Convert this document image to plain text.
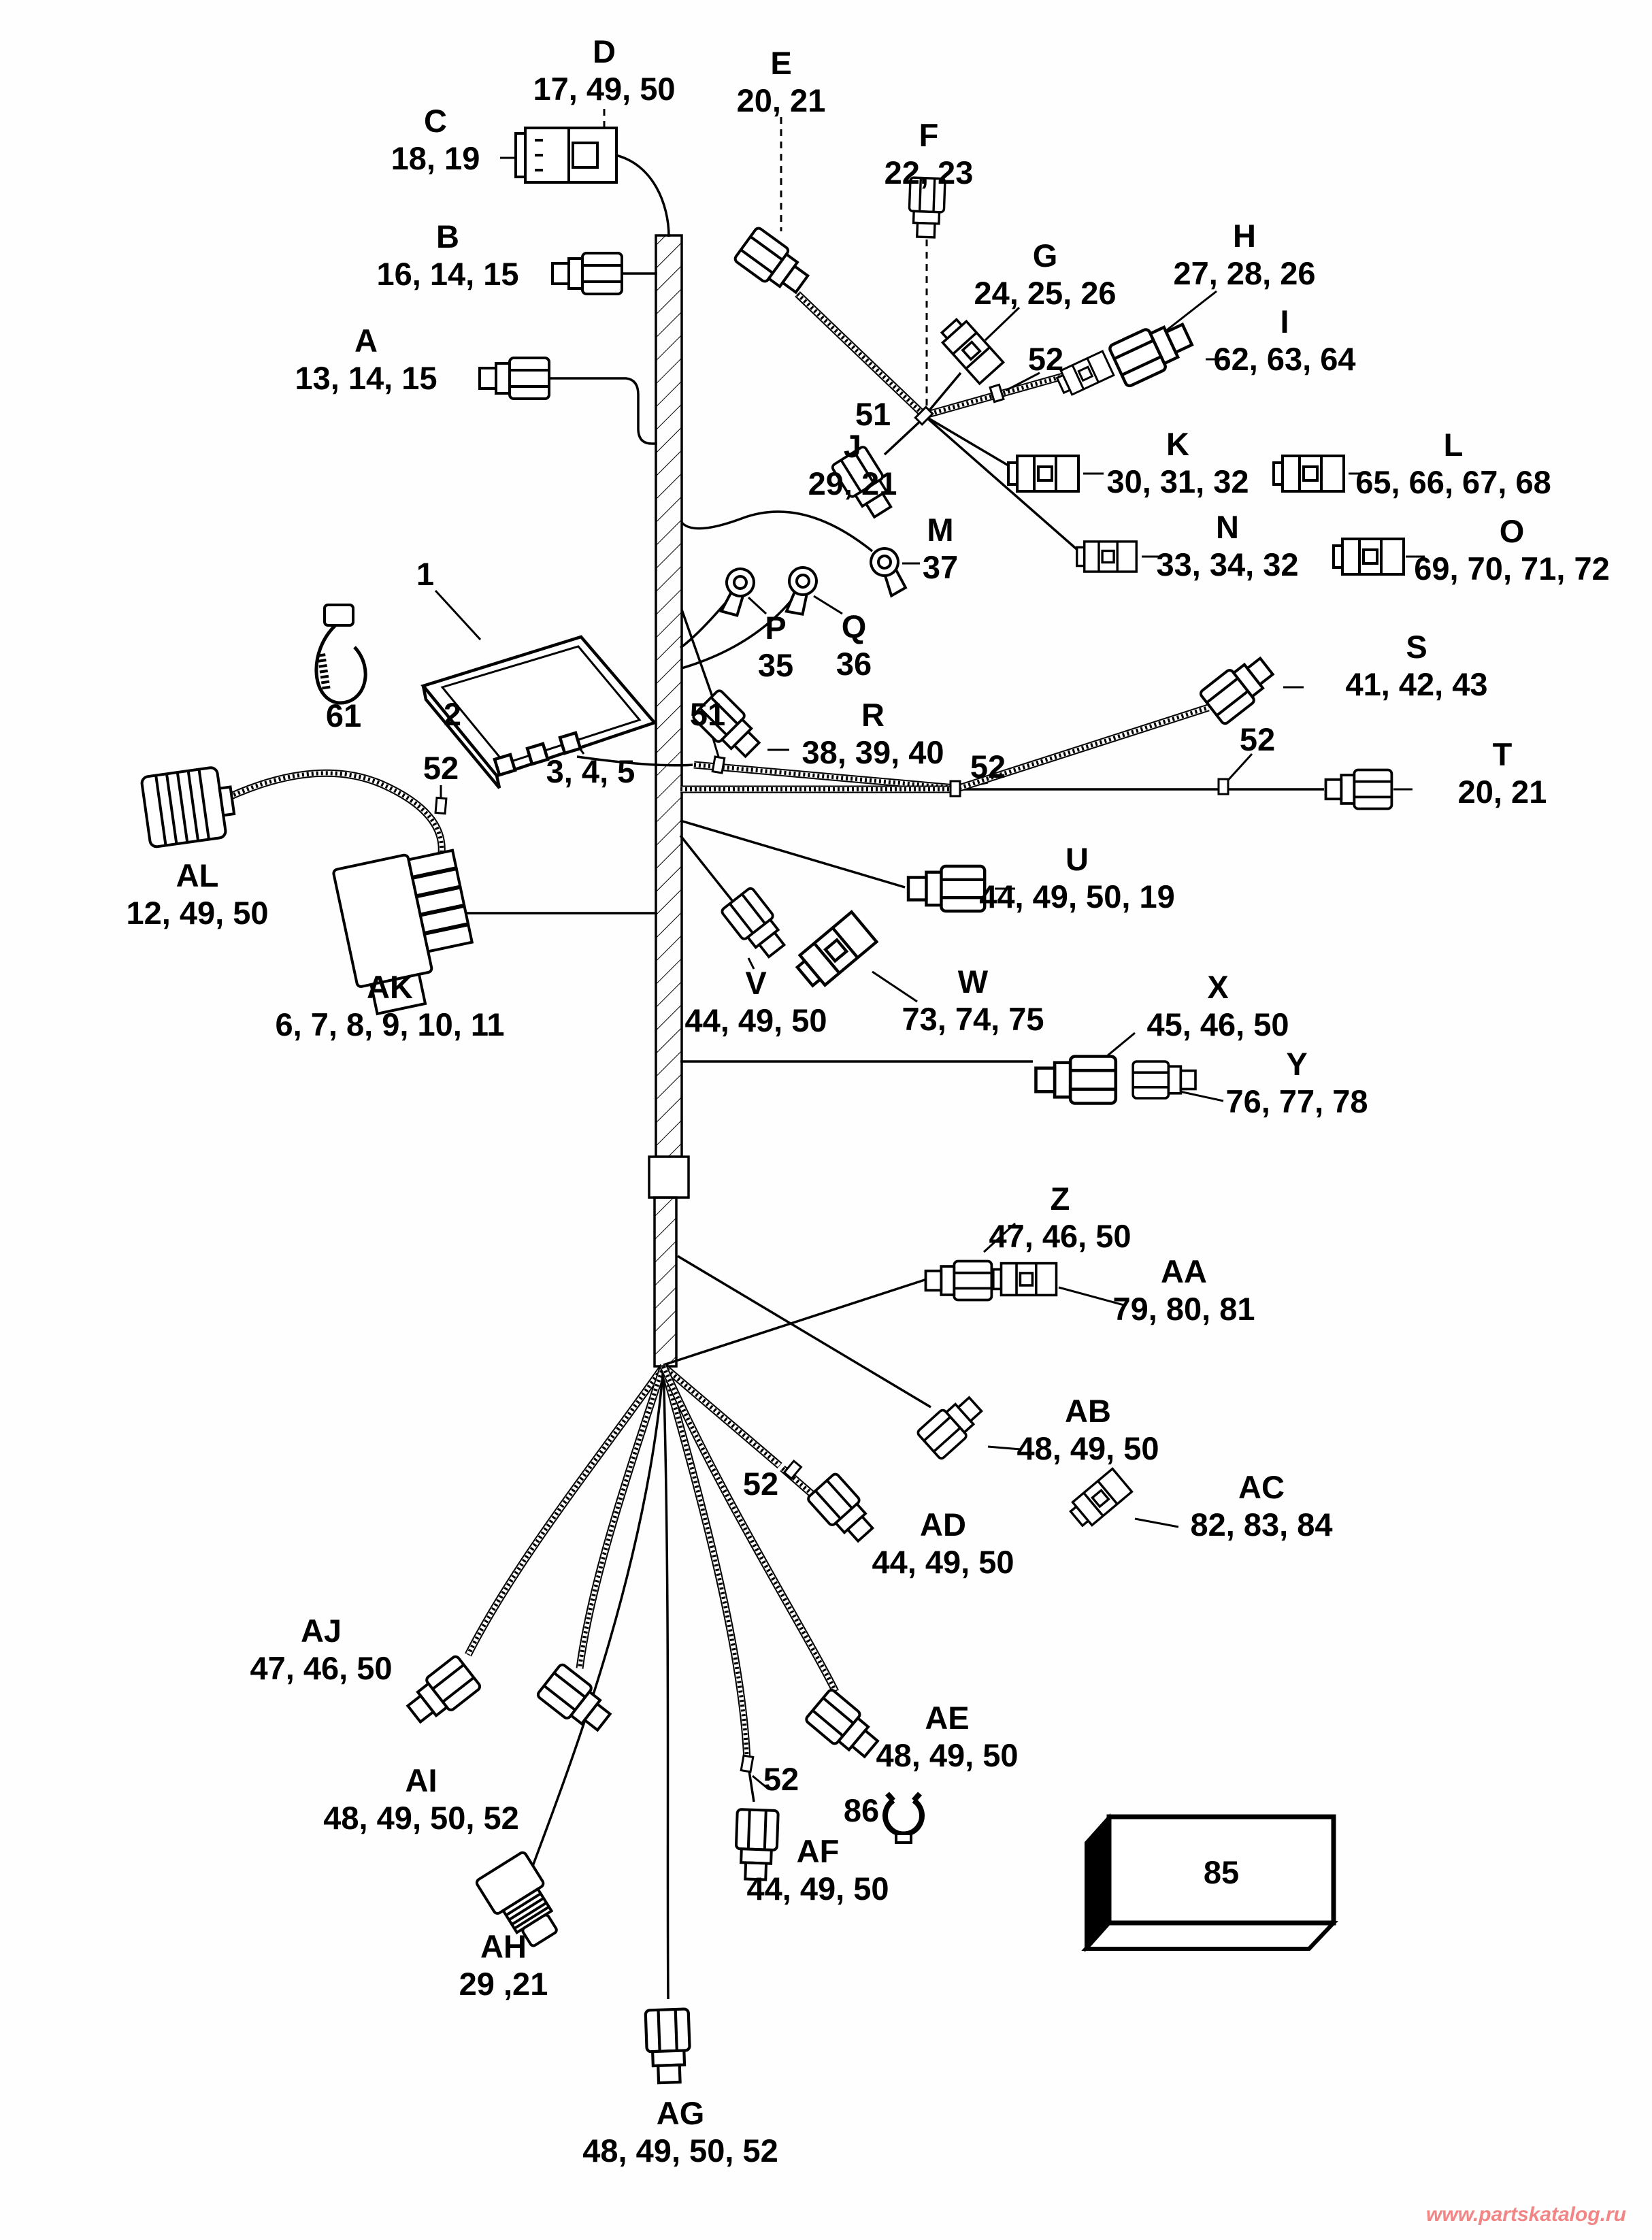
85
D
17, 49, 50
C
18, 19
E
20, 21
F
22, 23
B
16, 14, 15
A
13, 14, 15
G
24, 25, 26
H
27, 28, 26
I
62, 63, 64
52
51
J
29, 21
K
30, 31, 32
L
65, 66, 67, 68
M
37
N
33, 34, 32
O
69, 70, 71, 72
P
35
Q
36
R
38, 39, 40
1
61	2	51
3, 4, 5
S
41, 42, 43
52
52	T
20, 21
52
AL
12, 49, 50
AK
6, 7, 8, 9, 10, 11
U
44, 49, 50, 19
V
44, 49, 50
W
73, 74, 75
X
45, 46, 50
Y
76, 77, 78
Z
47, 46, 50
AA
79, 80, 81
AB
48, 49, 50
AC
82, 83, 84
52
AD
44, 49, 50
AJ
47, 46, 50
AI
48, 49, 50, 52
52
AE
48, 49, 50
86
AF
44, 49, 50
AH
29 ,21
AG
48, 49, 50, 52
www.partskatalog.ru
